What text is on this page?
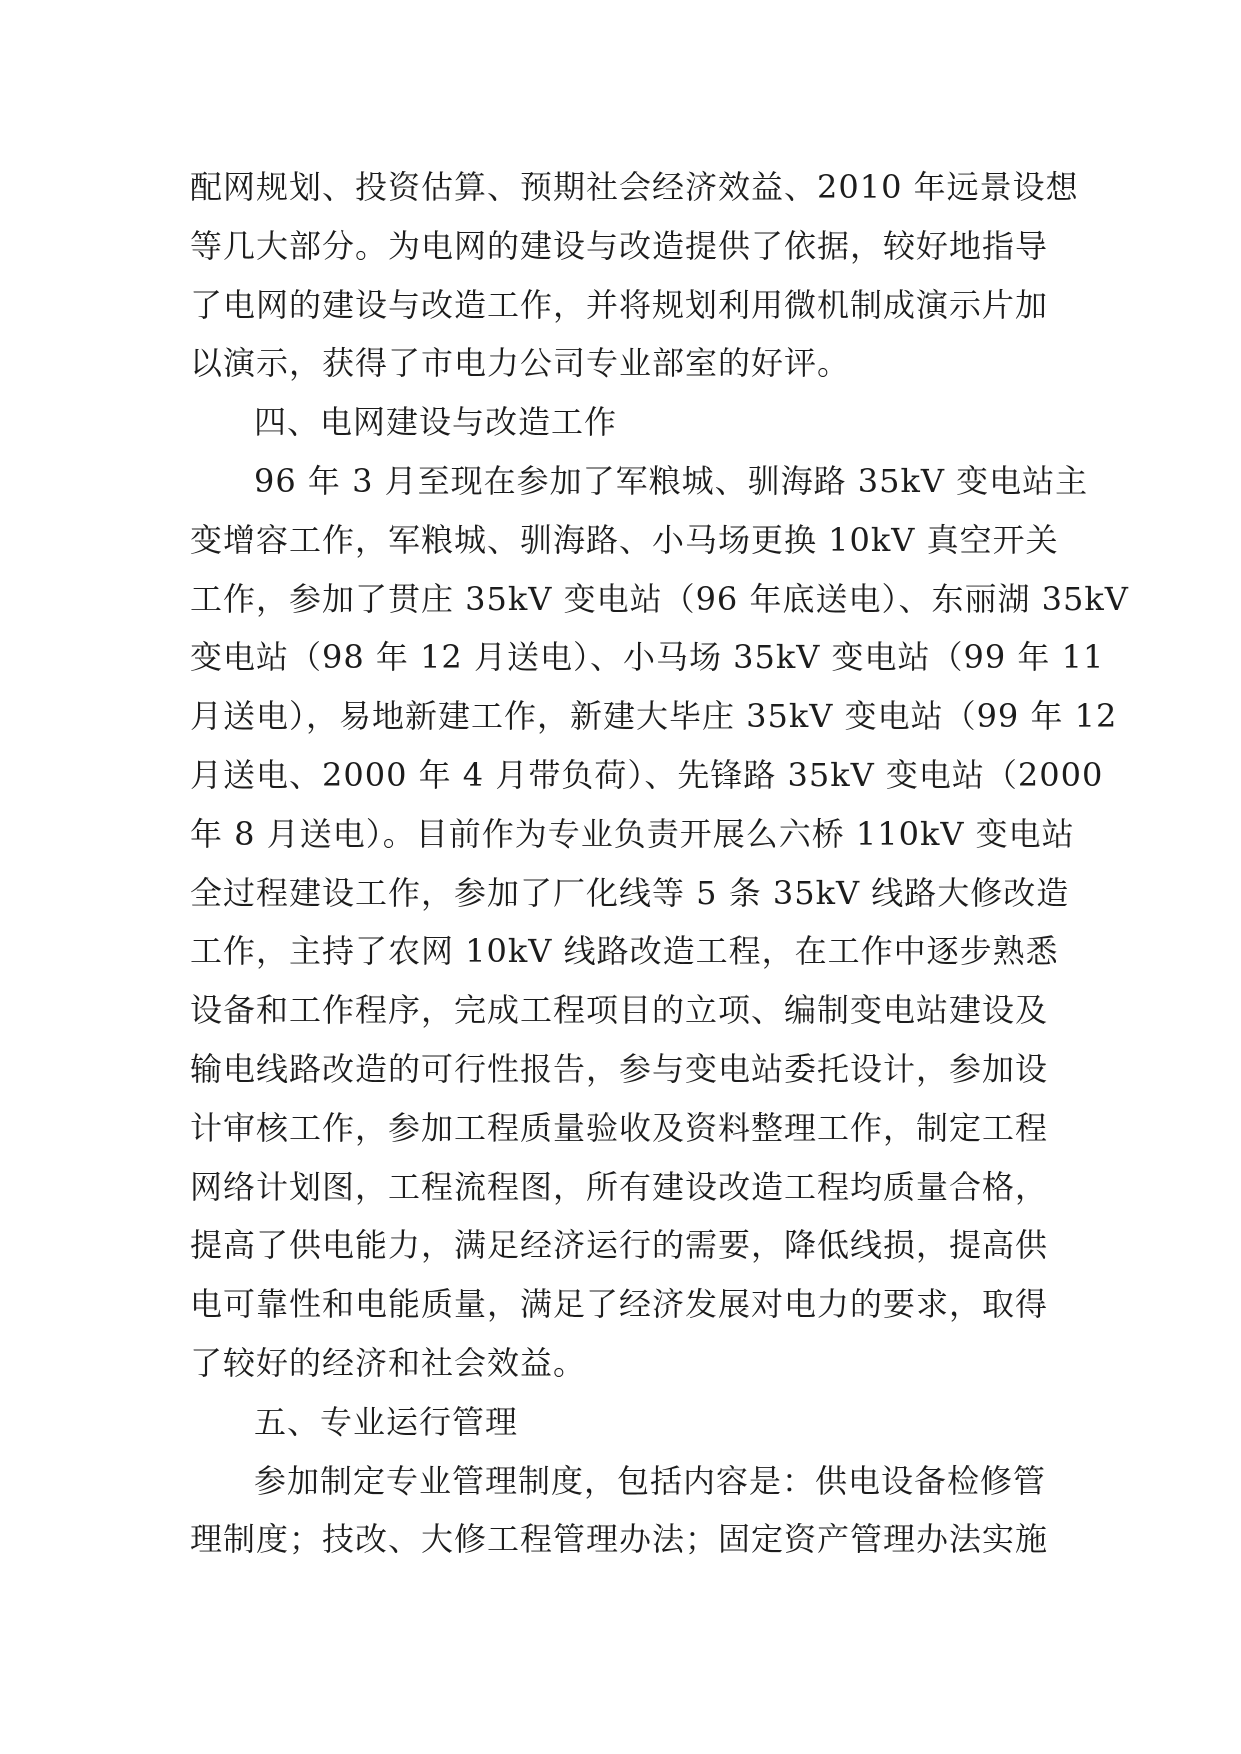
配网规划、投资估算、预期社会经济效益、2010 年远景设想
等几大部分。为电网的建设与改造提供了依据，较好地指导
了电网的建设与改造工作，并将规划利用微机制成演示片加
以演示，获得了市电力公司专业部室的好评。
四、电网建设与改造工作
96 年 3 月至现在参加了军粮城、驯海路 35kV 变电站主
变增容工作，军粮城、驯海路、小马场更换 10kV 真空开关
工作，参加了贯庄 35kV 变电站（96 年底送电）、东丽湖 35kV
变电站（98 年 12 月送电）、小马场 35kV 变电站（99 年 11
月送电），易地新建工作，新建大毕庄 35kV 变电站（99 年 12
月送电、2000 年 4 月带负荷）、先锋路 35kV 变电站（2000
年 8 月送电）。目前作为专业负责开展么六桥 110kV 变电站
全过程建设工作，参加了厂化线等 5 条 35kV 线路大修改造
工作，主持了农网 10kV 线路改造工程，在工作中逐步熟悉
设备和工作程序，完成工程项目的立项、编制变电站建设及
输电线路改造的可行性报告，参与变电站委托设计，参加设
计审核工作，参加工程质量验收及资料整理工作，制定工程
网络计划图，工程流程图，所有建设改造工程均质量合格，
提高了供电能力，满足经济运行的需要，降低线损，提高供
电可靠性和电能质量，满足了经济发展对电力的要求，取得
了较好的经济和社会效益。
五、专业运行管理
参加制定专业管理制度，包括内容是：供电设备检修管
理制度；技改、大修工程管理办法；固定资产管理办法实施
